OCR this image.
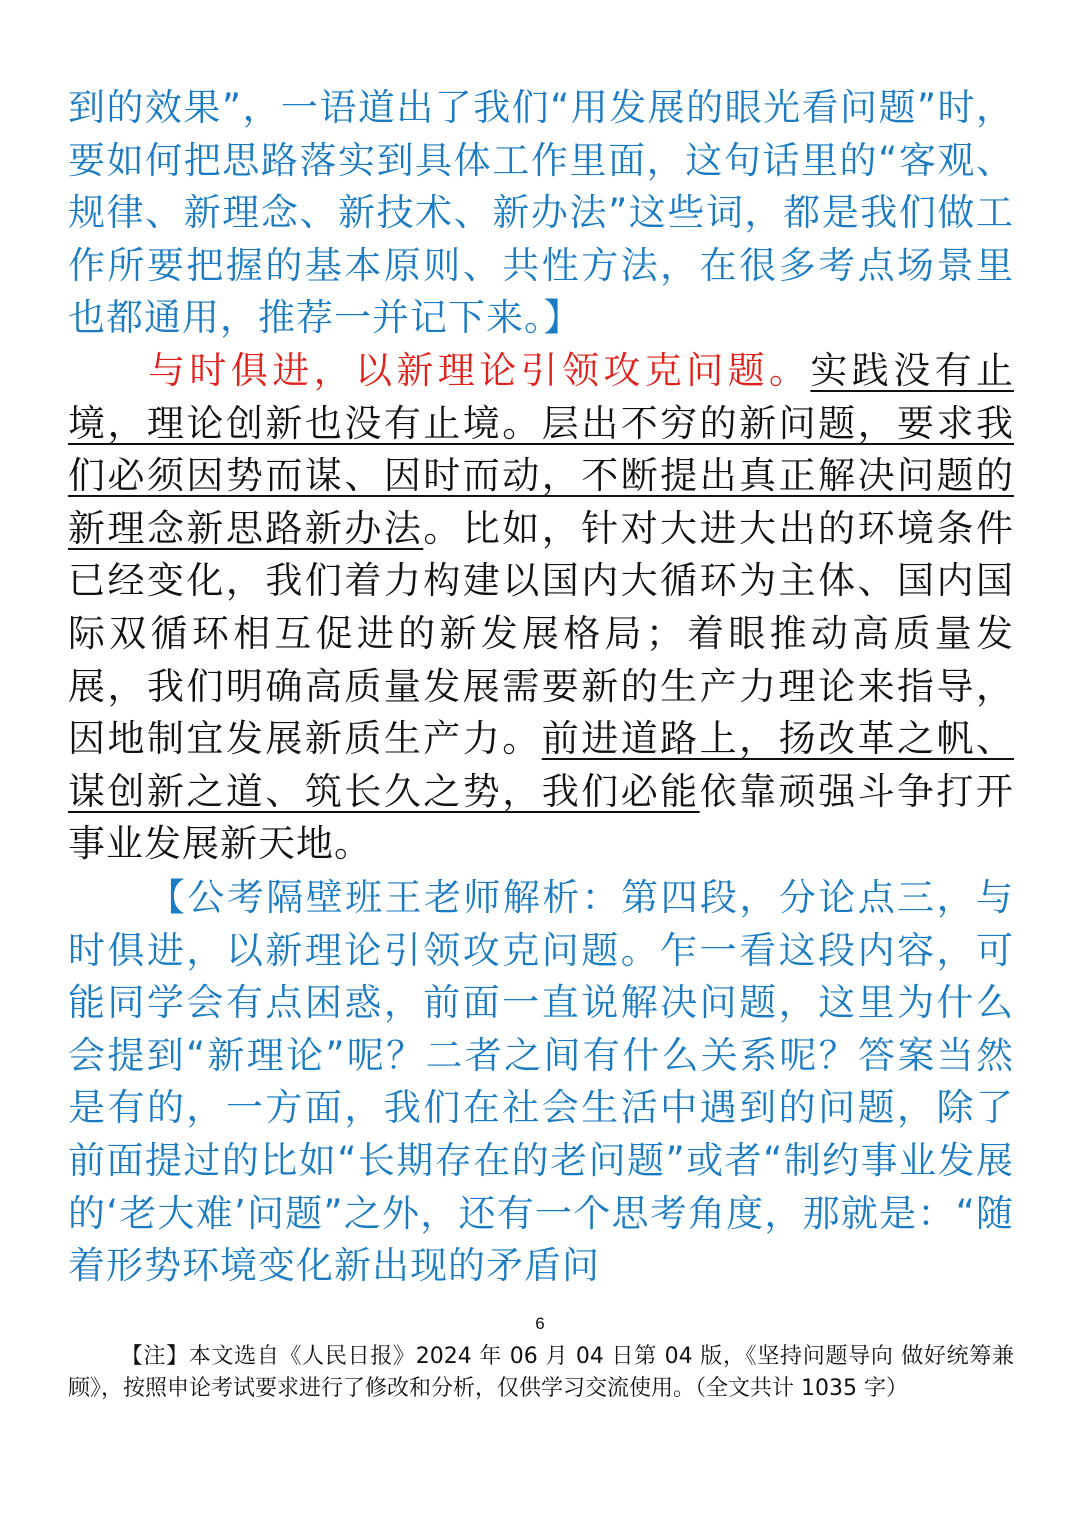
到的效果”，一语道出了我们“用发展的眼光看问题”时，要如何把思路落实到具体工作里面，这句话里的“客观、规律、新理念、新技术、新办法”这些词，都是我们做工作所要把握的基本原则、共性方法，在很多考点场景里也都通用，推荐一并记下来。】

与时俱进，以新理论引领攻克问题。实践没有止境，理论创新也没有止境。层出不穷的新问题，要求我们必须因势而谋、因时而动，不断提出真正解决问题的新理念新思路新办法。比如，针对大进大出的环境条件已经变化，我们着力构建以国内大循环为主体、国内国际双循环相互促进的新发展格局；着眼推动高质量发展，我们明确高质量发展需要新的生产力理论来指导，因地制宜发展新质生产力。前进道路上，扬改革之帆、谋创新之道、筑长久之势，我们必能依靠顽强斗争打开事业发展新天地。

【公考隔壁班王老师解析：第四段，分论点三，与时俱进，以新理论引领攻克问题。乍一看这段内容，可能同学会有点困惑，前面一直说解决问题，这里为什么会提到“新理论”呢？二者之间有什么关系呢？答案当然是有的，一方面，我们在社会生活中遇到的问题，除了前面提过的比如“长期存在的老问题”或者“制约事业发展的‘老大难’问题”之外，还有一个思考角度，那就是：“随着形势环境变化新出现的矛盾问

6

【注】本文选自《人民日报》2024 年 06 月 04 日第 04 版，《坚持问题导向 做好统筹兼顾》，按照申论考试要求进行了修改和分析，仅供学习交流使用。（全文共计 1035 字）
